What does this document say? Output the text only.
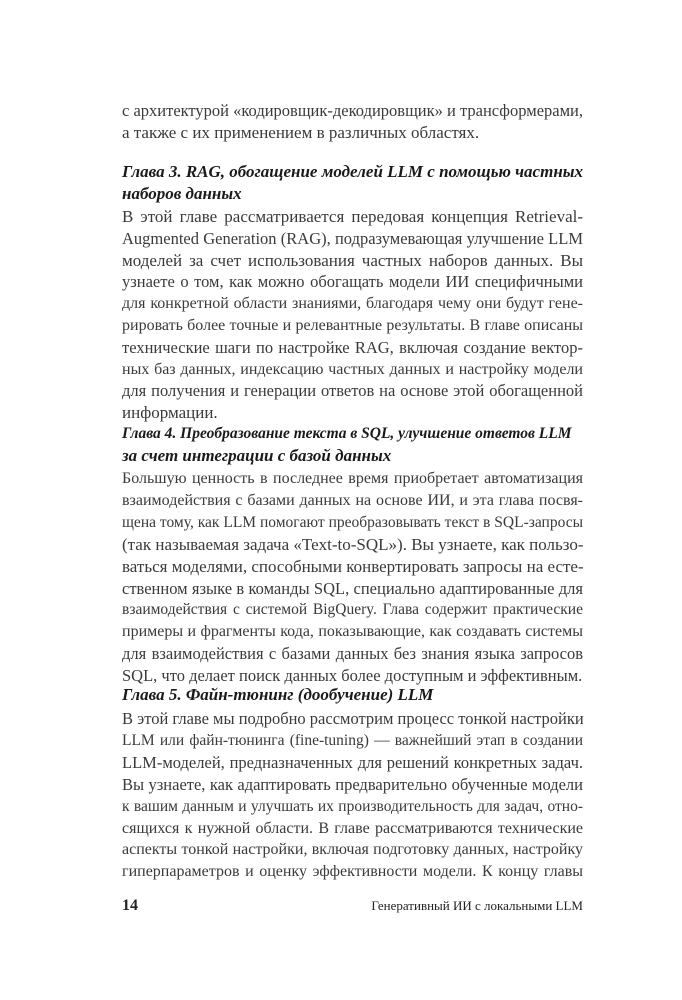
с архитектурой «кодировщик-декодировщик» и трансформерами,
а также с их применением в различных областях.
Глава 3. RAG, обогащение моделей LLM с помощью частных
наборов данных
В этой главе рассматривается передовая концепция Retrieval-
Augmented Generation (RAG), подразумевающая улучшение LLM
моделей за счет использования частных наборов данных. Вы
узнаете о том, как можно обогащать модели ИИ специфичными
для конкретной области знаниями, благодаря чему они будут гене-
рировать более точные и релевантные результаты. В главе описаны
технические шаги по настройке RAG, включая создание вектор-
ных баз данных, индексацию частных данных и настройку модели
для получения и генерации ответов на основе этой обогащенной
информации.
Глава 4. Преобразование текста в SQL, улучшение ответов LLM
за счет интеграции с базой данных
Большую ценность в последнее время приобретает автоматизация
взаимодействия с базами данных на основе ИИ, и эта глава посвя-
щена тому, как LLM помогают преобразовывать текст в SQL-запросы
(так называемая задача «Text-to-SQL»). Вы узнаете, как пользо-
ваться моделями, способными конвертировать запросы на есте-
ственном языке в команды SQL, специально адаптированные для
взаимодействия с системой BigQuery. Глава содержит практические
примеры и фрагменты кода, показывающие, как создавать системы
для взаимодействия с базами данных без знания языка запросов
SQL, что делает поиск данных более доступным и эффективным.
Глава 5. Файн-тюнинг (дообучение) LLM
В этой главе мы подробно рассмотрим процесс тонкой настройки
LLM или файн-тюнинга (fine-tuning) — важнейший этап в создании
LLM-моделей, предназначенных для решений конкретных задач.
Вы узнаете, как адаптировать предварительно обученные модели
к вашим данным и улучшать их производительность для задач, отно-
сящихся к нужной области. В главе рассматриваются технические
аспекты тонкой настройки, включая подготовку данных, настройку
гиперпараметров и оценку эффективности модели. К концу главы
14	Генеративный ИИ с локальными LLM
